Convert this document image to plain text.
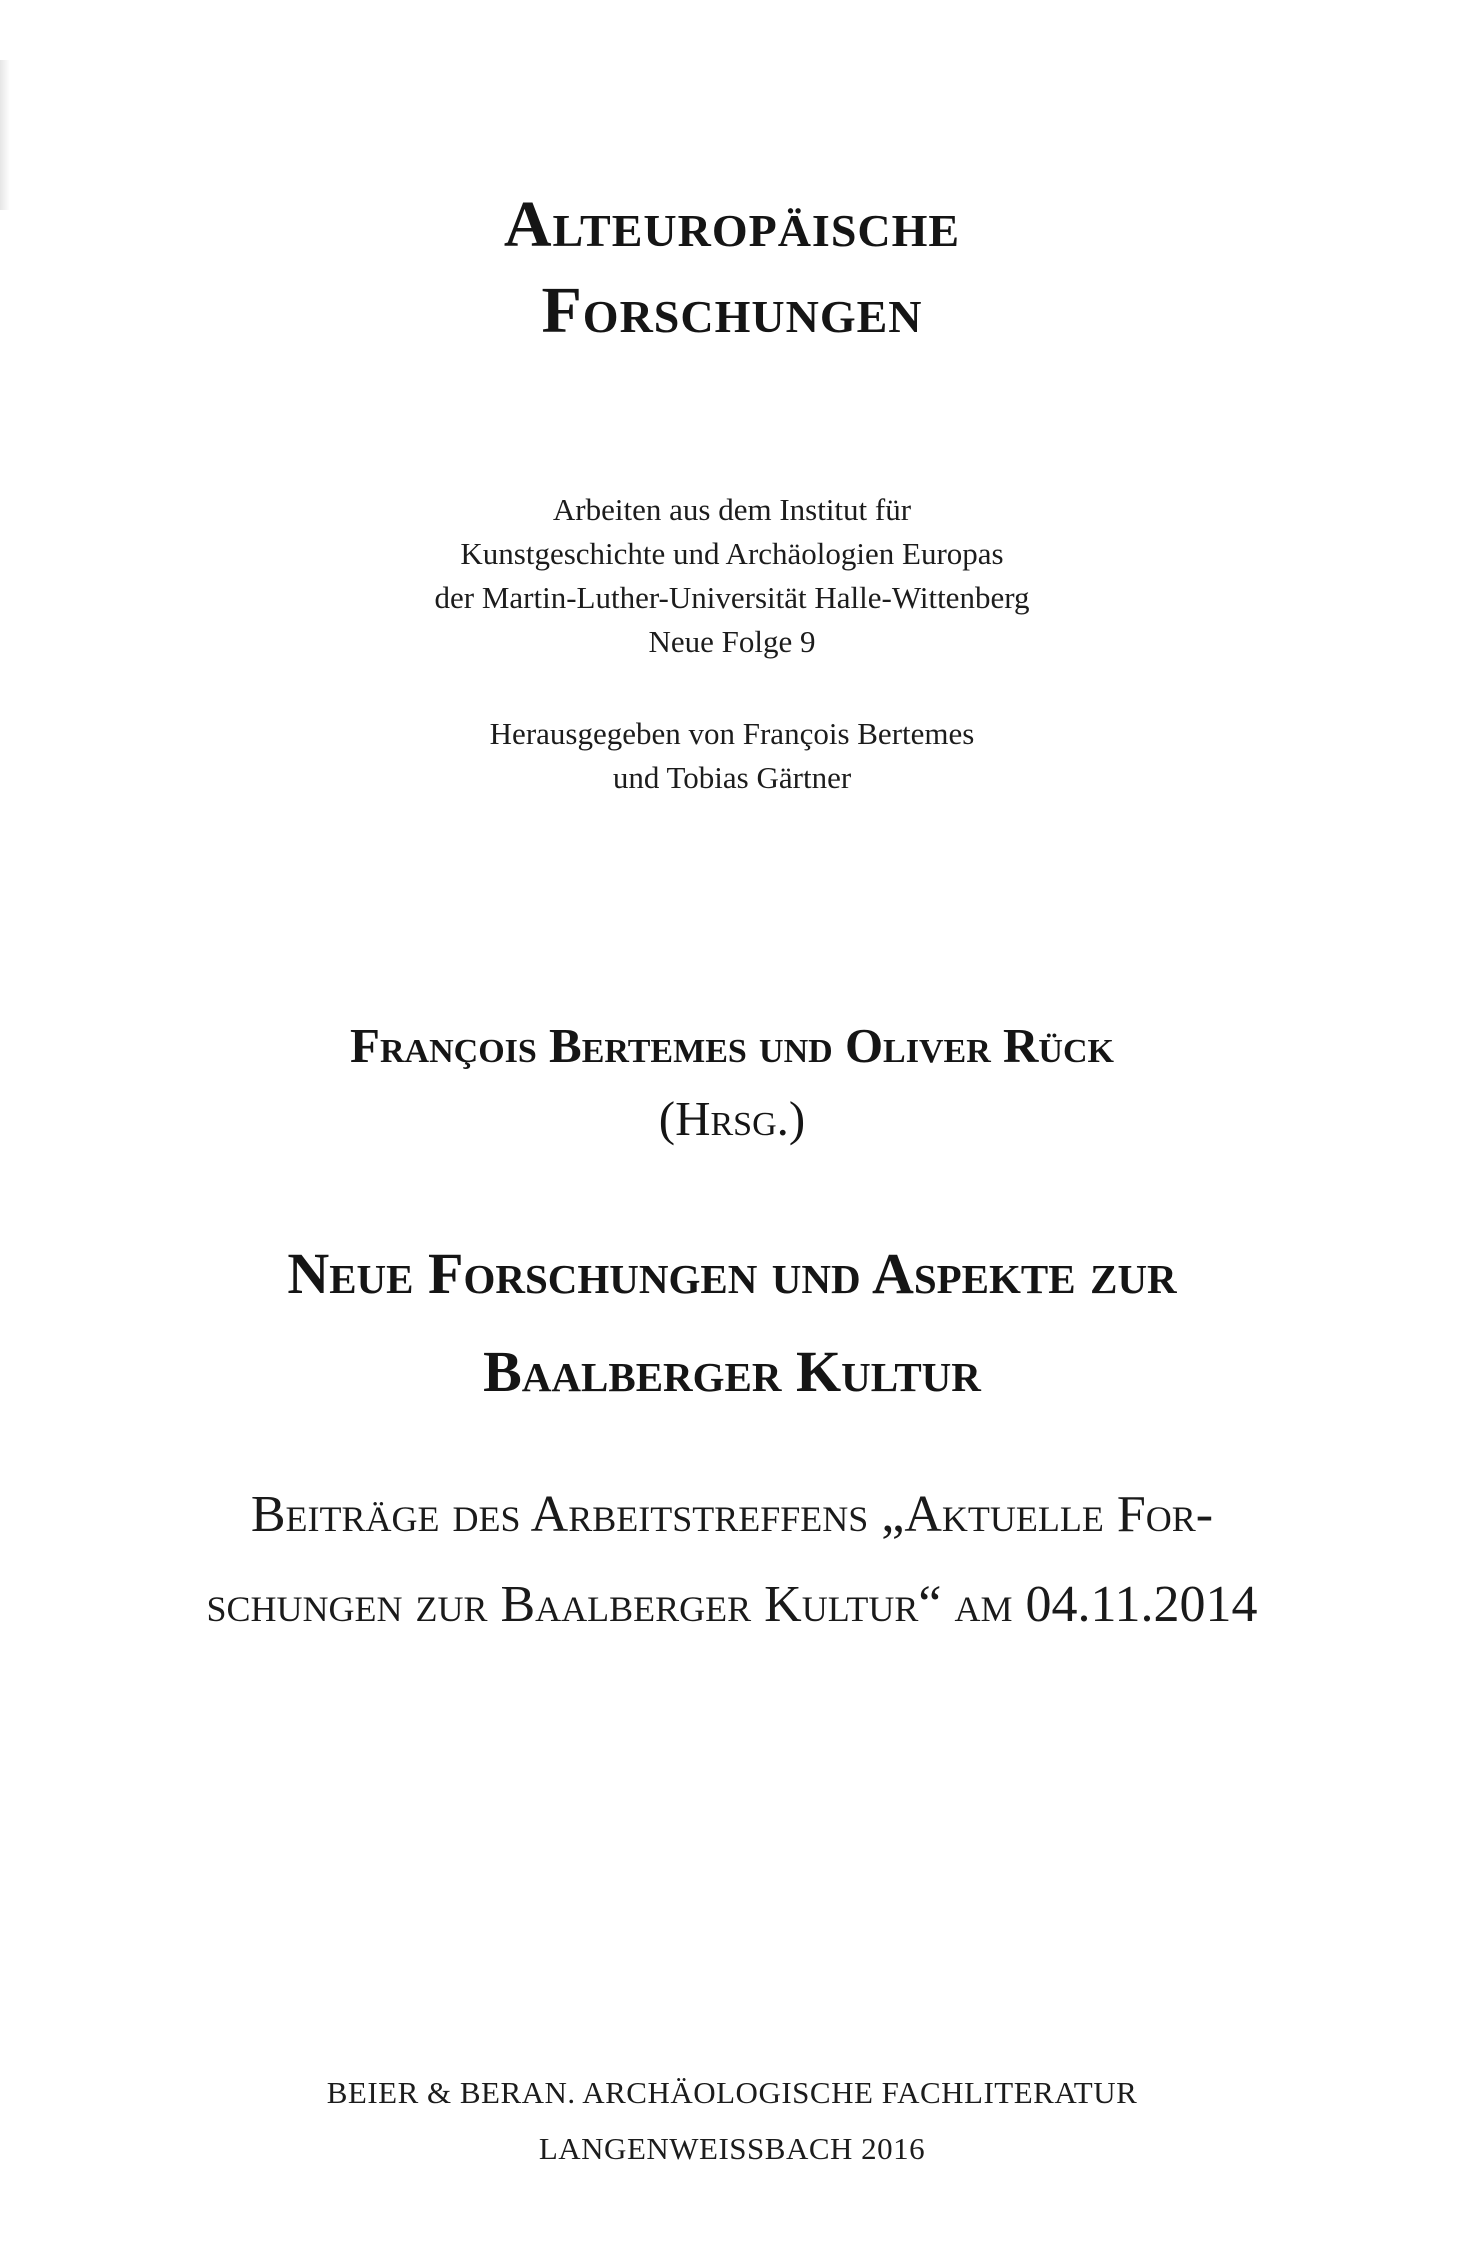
Alteuropäische
Forschungen
Arbeiten aus dem Institut für
Kunstgeschichte und Archäologien Europas
der Martin-Luther-Universität Halle-Wittenberg
Neue Folge 9
Herausgegeben von François Bertemes
und Tobias Gärtner
François Bertemes und Oliver Rück
(Hrsg.)
Neue Forschungen und Aspekte zur
Baalberger Kultur
Beiträge des Arbeitstreffens „Aktuelle For-
schungen zur Baalberger Kultur“ am 04.11.2014
BEIER & BERAN. ARCHÄOLOGISCHE FACHLITERATUR
LANGENWEISSBACH 2016
